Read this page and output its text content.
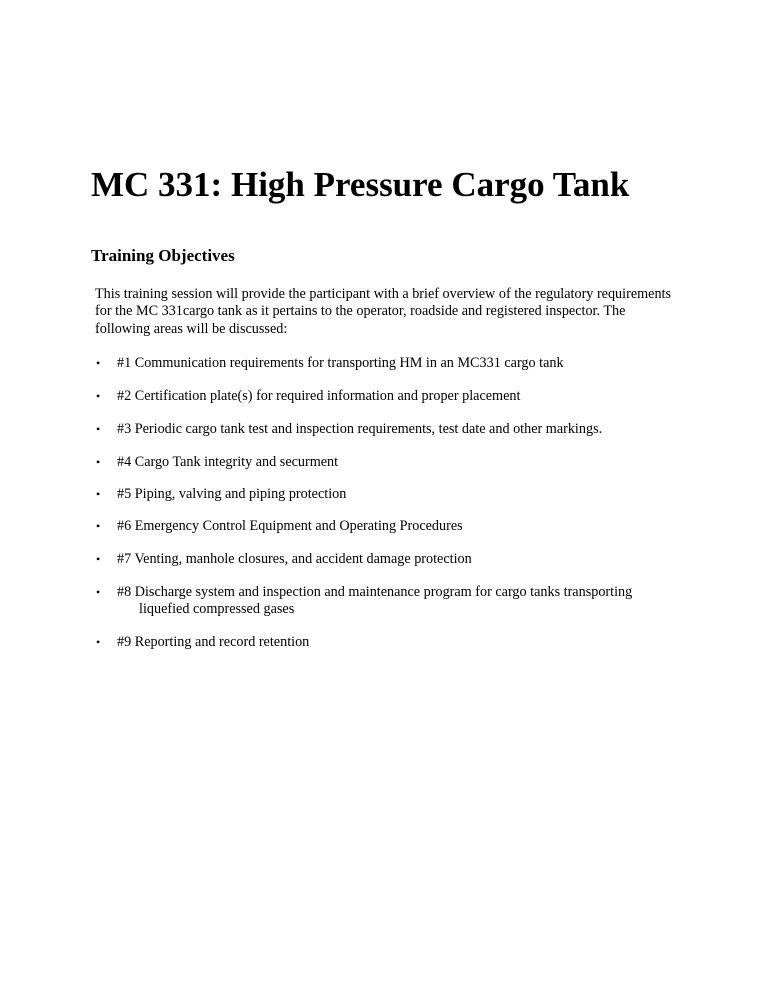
MC 331: High Pressure Cargo Tank
Training Objectives

This training session will provide the participant with a brief overview of the regulatory requirements for the MC 331cargo tank as it pertains to the operator, roadside and registered inspector. The following areas will be discussed:

• #1 Communication requirements for transporting HM in an MC331 cargo tank
• #2 Certification plate(s) for required information and proper placement
• #3 Periodic cargo tank test and inspection requirements, test date and other markings.
• #4 Cargo Tank integrity and securment
• #5 Piping, valving and piping protection
• #6 Emergency Control Equipment and Operating Procedures
• #7 Venting, manhole closures, and accident damage protection
• #8 Discharge system and inspection and maintenance program for cargo tanks transporting liquefied compressed gases
• #9 Reporting and record retention
